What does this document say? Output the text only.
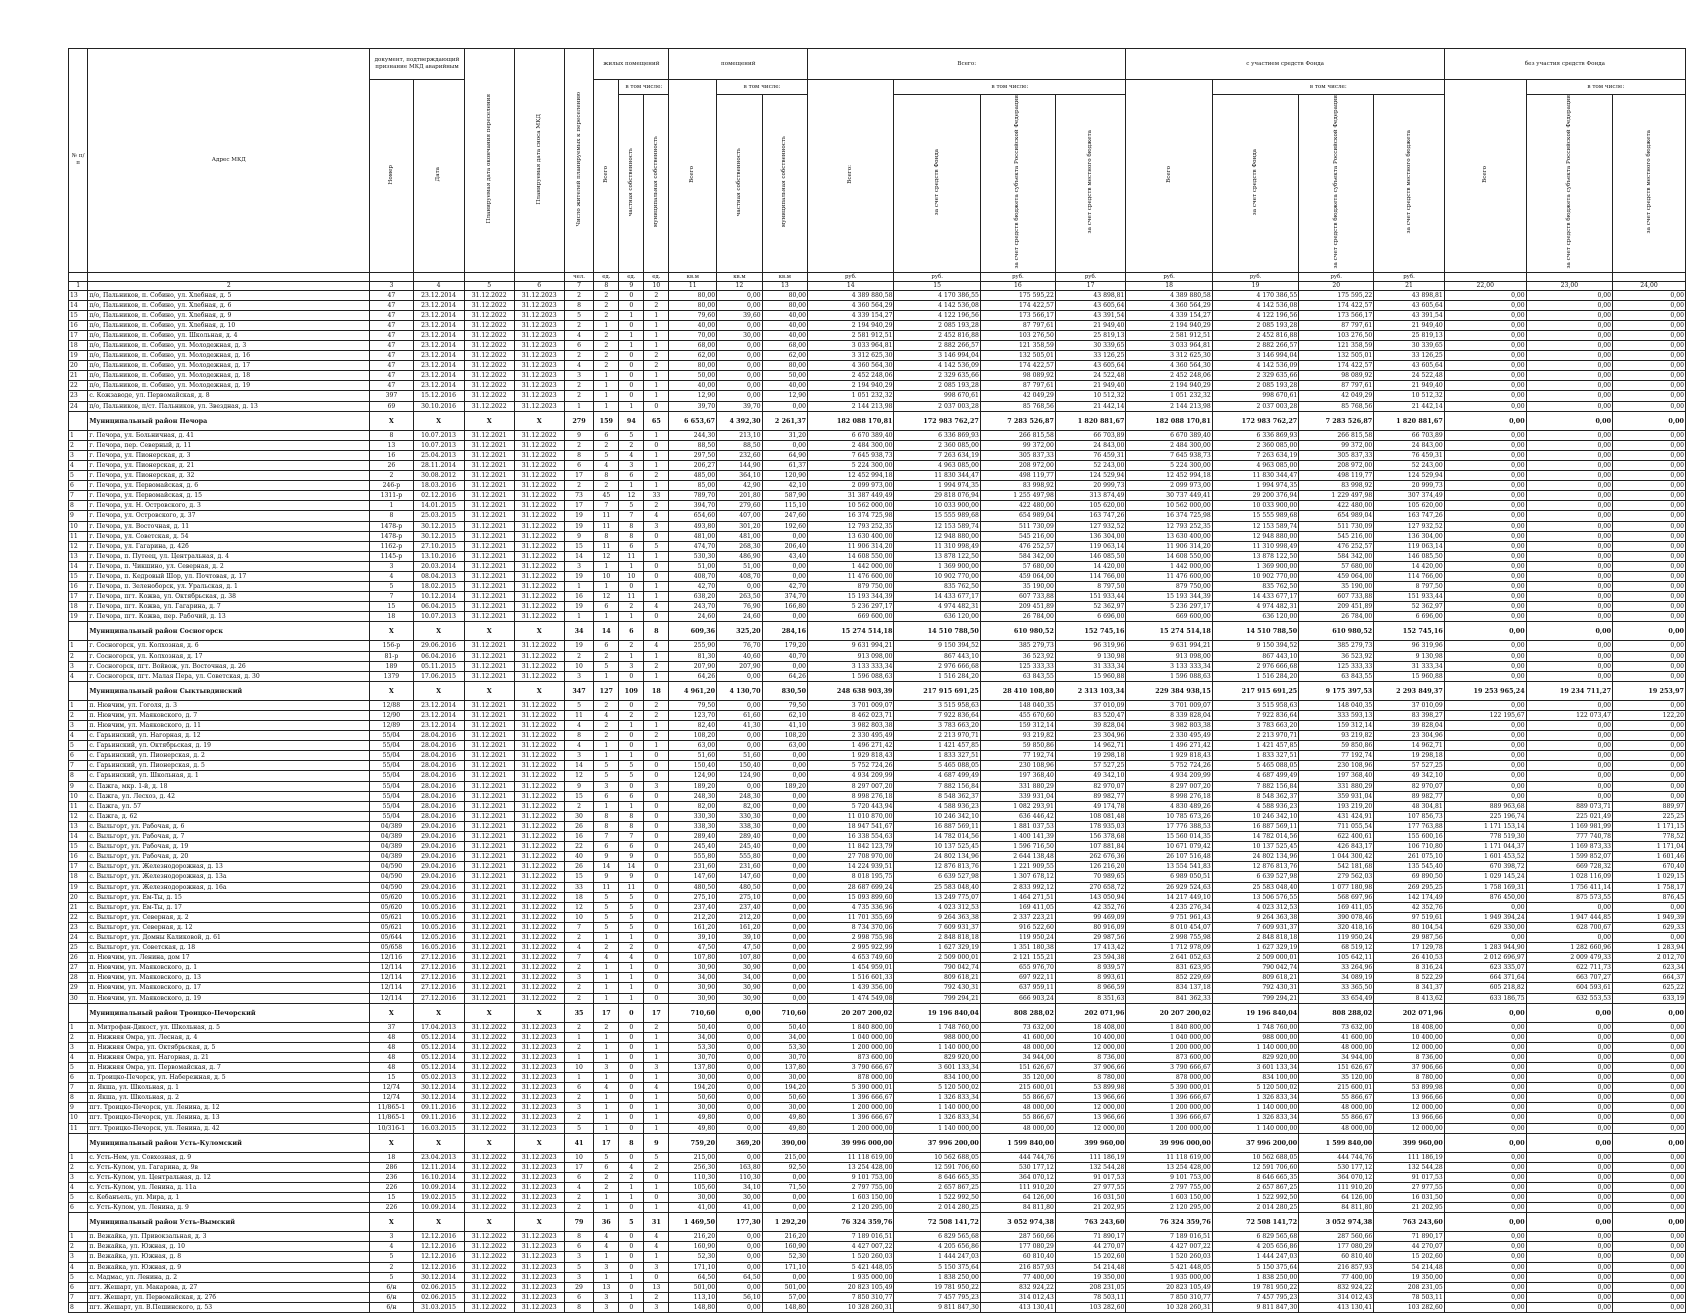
№ п/п	Адрес МКД	документ, подтверждающий признание МКД аварийным		Планируемая дата окончания переселения	Планируемая дата сноса МКД	Число жителей планируемых к переселению	жилых помещений			помещений			Всего:				с участием средств Фонда				без участия средств Фонда		
		Номер	Дата				Всего	в том числе:		Всего	в том числе:		Всего:	в том числе:			Всего	в том числе:			Всего	в том числе:	
								частная собственность	муниципальная собственность		частная собственность	муниципальная собственность		за счет средств Фонда	за счет средств бюджета субъекта Российской Федерации	за счет средств местного бюджета		за счет средств Фонда	за счет средств бюджета субъекта Российской Федерации	за счет средств местного бюджета		за счет средств бюджета субъекта Российской Федерации	за счет средств местного бюджета
						чел.	ед.	ед.	ед.	кв.м	кв.м	кв.м	руб.	руб.	руб.	руб.	руб.	руб.	руб.	руб.			
1	2	3	4	5	6	7	8	9	10	11	12	13	14	15	16	17	18	19	20	21	22,00	23,00	24,00
13	п/о, Пальников, п. Собино, ул. Хлебная, д. 5	47	23.12.2014	31.12.2022	31.12.2023	2	2	0	2	80,00	0,00	80,00	4 389 880,58	4 170 386,55	175 595,22	43 898,81	4 389 880,58	4 170 386,55	175 595,22	43 898,81	0,00	0,00	0,00
14	п/о, Пальников, п. Собино, ул. Хлебная, д. 6	47	23.12.2014	31.12.2022	31.12.2023	8	2	0	2	80,00	0,00	80,00	4 360 564,29	4 142 536,08	174 422,57	43 605,64	4 360 564,29	4 142 536,08	174 422,57	43 605,64	0,00	0,00	0,00
15	п/о, Пальников, п. Собино, ул. Хлебная, д. 9	47	23.12.2014	31.12.2022	31.12.2023	5	2	1	1	79,60	39,60	40,00	4 339 154,27	4 122 196,56	173 566,17	43 391,54	4 339 154,27	4 122 196,56	173 566,17	43 391,54	0,00	0,00	0,00
16	п/о, Пальников, п. Собино, ул. Хлебная, д. 10	47	23.12.2014	31.12.2022	31.12.2023	2	1	0	1	40,00	0,00	40,00	2 194 940,29	2 085 193,28	87 797,61	21 949,40	2 194 940,29	2 085 193,28	87 797,61	21 949,40	0,00	0,00	0,00
17	п/о, Пальников, п. Собино, ул. Школьная, д. 4	47	23.12.2014	31.12.2022	31.12.2023	4	2	1	1	70,00	30,00	40,00	2 581 912,51	2 452 816,88	103 276,50	25 819,13	2 581 912,51	2 452 816,88	103 276,50	25 819,13	0,00	0,00	0,00
18	п/о, Пальников, п. Собино, ул. Молодежная, д. 3	47	23.12.2014	31.12.2022	31.12.2023	6	2	1	1	68,00	0,00	68,00	3 033 964,81	2 882 266,57	121 358,59	30 339,65	3 033 964,81	2 882 266,57	121 358,59	30 339,65	0,00	0,00	0,00
19	п/о, Пальников, п. Собино, ул. Молодежная, д. 16	47	23.12.2014	31.12.2022	31.12.2023	2	2	0	2	62,00	0,00	62,00	3 312 625,30	3 146 994,04	132 505,01	33 126,25	3 312 625,30	3 146 994,04	132 505,01	33 126,25	0,00	0,00	0,00
20	п/о, Пальников, п. Собино, ул. Молодежная, д. 17	47	23.12.2014	31.12.2022	31.12.2023	4	2	0	2	80,00	0,00	80,00	4 360 564,30	4 142 536,09	174 422,57	43 605,64	4 360 564,30	4 142 536,09	174 422,57	43 605,64	0,00	0,00	0,00
21	п/о, Пальников, п. Собино, ул. Молодежная, д. 18	47	23.12.2014	31.12.2022	31.12.2023	3	1	0	1	50,00	0,00	50,00	2 452 248,06	2 329 635,66	98 089,92	24 522,48	2 452 248,06	2 329 635,66	98 089,92	24 522,48	0,00	0,00	0,00
22	п/о, Пальников, п. Собино, ул. Молодежная, д. 19	47	23.12.2014	31.12.2022	31.12.2023	2	1	0	1	40,00	0,00	40,00	2 194 940,29	2 085 193,28	87 797,61	21 949,40	2 194 940,29	2 085 193,28	87 797,61	21 949,40	0,00	0,00	0,00
23	с. Кожзаводе, ул. Первомайская, д. 8	397	15.12.2016	31.12.2022	31.12.2023	2	1	0	1	12,90	0,00	12,90	1 051 232,32	998 670,61	42 049,29	10 512,32	1 051 232,32	998 670,61	42 049,29	10 512,32	0,00	0,00	0,00
24	п/о, Пальников, п/ст. Пальников, ул. Звездная, д. 13	69	30.10.2016	31.12.2022	31.12.2023	1	1	1	0	39,70	39,70	0,00	2 144 213,98	2 037 003,28	85 768,56	21 442,14	2 144 213,98	2 037 003,28	85 768,56	21 442,14	0,00	0,00	0,00
	Муниципальный район Печора	X	X	X	X	279	159	94	65	6 653,67	4 392,30	2 261,37	182 088 170,81	172 983 762,27	7 283 526,87	1 820 881,67	182 088 170,81	172 983 762,27	7 283 526,87	1 820 881,67	0,00	0,00	0,00
1	г. Печора, ул. Больничная, д. 41	8	10.07.2013	31.12.2021	31.12.2022	9	6	5	1	244,30	213,10	31,20	6 670 389,40	6 336 869,93	266 815,58	66 703,89	6 670 389,40	6 336 869,93	266 815,58	66 703,89	0,00	0,00	0,00
2	г. Печора, пер. Северный, д. 11	13	10.07.2013	31.12.2021	31.12.2022	2	2	2	0	88,50	88,50	0,00	2 484 300,00	2 360 085,00	99 372,00	24 843,00	2 484 300,00	2 360 085,00	99 372,00	24 843,00	0,00	0,00	0,00
3	г. Печора, ул. Пионерская, д. 3	16	25.04.2013	31.12.2021	31.12.2022	8	5	4	1	297,50	232,60	64,90	7 645 938,73	7 263 634,19	305 837,33	76 459,31	7 645 938,73	7 263 634,19	305 837,33	76 459,31	0,00	0,00	0,00
4	г. Печора, ул. Пионерская, д. 21	26	28.11.2014	31.12.2021	31.12.2022	6	4	3	1	206,27	144,90	61,37	5 224 300,00	4 963 085,00	208 972,00	52 243,00	5 224 300,00	4 963 085,00	208 972,00	52 243,00	0,00	0,00	0,00
5	г. Печора, ул. Пионерская, д. 32	2	30.08.2012	31.12.2021	31.12.2022	17	8	6	2	485,00	364,10	120,90	12 452 994,18	11 830 344,47	498 119,77	124 529,94	12 452 994,18	11 830 344,47	498 119,77	124 529,94	0,00	0,00	0,00
6	г. Печора, ул. Первомайская, д. 6	246-р	18.03.2016	31.12.2021	31.12.2022	2	2	1	1	85,00	42,90	42,10	2 099 973,00	1 994 974,35	83 998,92	20 999,73	2 099 973,00	1 994 974,35	83 998,92	20 999,73	0,00	0,00	0,00
7	г. Печора, ул. Первомайская, д. 15	1311-р	02.12.2016	31.12.2021	31.12.2022	73	45	12	33	789,70	201,80	587,90	31 387 449,49	29 818 076,94	1 255 497,98	313 874,49	30 737 449,41	29 200 376,94	1 229 497,98	307 374,49	0,00	0,00	0,00
8	г. Печора, ул. Н. Островского, д. 3	1	14.01.2015	31.12.2021	31.12.2022	17	7	5	2	394,70	279,60	115,10	10 562 000,00	10 033 900,00	422 480,00	105 620,00	10 562 000,00	10 033 900,00	422 480,00	105 620,00	0,00	0,00	0,00
9	г. Печора, ул. Островского, д. 37	8	25.03.2015	31.12.2021	31.12.2022	19	11	7	4	654,60	407,00	247,60	16 374 725,98	15 555 989,68	654 989,04	163 747,26	16 374 725,98	15 555 989,68	654 989,04	163 747,26	0,00	0,00	0,00
10	г. Печора, ул. Восточная, д. 11	1478-р	30.12.2015	31.12.2021	31.12.2022	19	11	8	3	493,80	301,20	192,60	12 793 252,35	12 153 589,74	511 730,09	127 932,52	12 793 252,35	12 153 589,74	511 730,09	127 932,52	0,00	0,00	0,00
11	г. Печора, ул. Советская, д. 54	1478-р	30.12.2015	31.12.2021	31.12.2022	9	8	8	0	481,00	481,00	0,00	13 630 400,00	12 948 880,00	545 216,00	136 304,00	13 630 400,00	12 948 880,00	545 216,00	136 304,00	0,00	0,00	0,00
12	г. Печора, ул. Гагарина, д. 42б	1162-р	27.10.2015	31.12.2021	31.12.2022	15	11	6	5	474,70	268,30	206,40	11 906 314,20	11 310 998,49	476 252,57	119 063,14	11 906 314,20	11 310 998,49	476 252,57	119 063,14	0,00	0,00	0,00
13	г. Печора, п. Путеец, ул. Центральная, д. 4	1145-р	13.10.2016	31.12.2021	31.12.2022	14	12	11	1	530,30	486,90	43,40	14 608 550,00	13 878 122,50	584 342,00	146 085,50	14 608 550,00	13 878 122,50	584 342,00	146 085,50	0,00	0,00	0,00
14	г. Печора, п. Чикшино, ул. Северная, д. 2	3	20.03.2014	31.12.2021	31.12.2022	3	1	1	0	51,00	51,00	0,00	1 442 000,00	1 369 900,00	57 680,00	14 420,00	1 442 000,00	1 369 900,00	57 680,00	14 420,00	0,00	0,00	0,00
15	г. Печора, п. Кедровый Шор, ул. Почтовая, д. 17	4	08.04.2013	31.12.2021	31.12.2022	19	10	10	0	408,70	408,70	0,00	11 476 600,00	10 902 770,00	459 064,00	114 766,00	11 476 600,00	10 902 770,00	459 064,00	114 766,00	0,00	0,00	0,00
16	г. Печора, п. Зеленоборск, ул. Уральская, д. 1	5	18.02.2015	31.12.2021	31.12.2022	1	1	0	1	42,70	0,00	42,70	879 750,00	835 762,50	35 190,00	8 797,50	879 750,00	835 762,50	35 190,00	8 797,50	0,00	0,00	0,00
17	г. Печора, пгт. Кожва, ул. Октябрьская, д. 38	7	10.12.2014	31.12.2021	31.12.2022	16	12	11	1	638,20	263,50	374,70	15 193 344,39	14 433 677,17	607 733,88	151 933,44	15 193 344,39	14 433 677,17	607 733,88	151 933,44	0,00	0,00	0,00
18	г. Печора, пгт. Кожва, ул. Гагарина, д. 7	15	06.04.2015	31.12.2021	31.12.2022	19	6	2	4	243,70	76,90	166,80	5 236 297,17	4 974 482,31	209 451,89	52 362,97	5 236 297,17	4 974 482,31	209 451,89	52 362,97	0,00	0,00	0,00
19	г. Печора, пгт. Кожва, пер. Рабочий, д. 13	18	10.07.2013	31.12.2021	31.12.2022	1	1	1	0	24,60	24,60	0,00	669 600,00	636 120,00	26 784,00	6 696,00	669 600,00	636 120,00	26 784,00	6 696,00	0,00	0,00	0,00
	Муниципальный район Сосногорск	X	X	X	X	34	14	6	8	609,36	325,20	284,16	15 274 514,18	14 510 788,50	610 980,52	152 745,16	15 274 514,18	14 510 788,50	610 980,52	152 745,16	0,00	0,00	0,00
1	г. Сосногорск, ул. Колхозная, д. 6	156-р	29.06.2016	31.12.2021	31.12.2022	19	6	2	4	255,90	76,70	179,20	9 631 994,21	9 150 394,52	385 279,73	96 319,96	9 631 994,21	9 150 394,52	385 279,73	96 319,96	0,00	0,00	0,00
2	г. Сосногорск, ул. Колхозная, д. 17	81-р	06.04.2016	31.12.2021	31.12.2022	2	2	1	1	81,30	40,60	40,70	913 098,00	867 443,10	36 523,92	9 130,98	913 098,00	867 443,10	36 523,92	9 130,98	0,00	0,00	0,00
3	г. Сосногорск, пгт. Войвож, ул. Восточная, д. 26	189	05.11.2015	31.12.2021	31.12.2022	10	5	3	2	207,90	207,90	0,00	3 133 333,34	2 976 666,68	125 333,33	31 333,34	3 133 333,34	2 976 666,68	125 333,33	31 333,34	0,00	0,00	0,00
4	г. Сосногорск, пгт. Малая Пера, ул. Советская, д. 30	1379	17.06.2015	31.12.2021	31.12.2022	3	1	0	1	64,26	0,00	64,26	1 596 088,63	1 516 284,20	63 843,55	15 960,88	1 596 088,63	1 516 284,20	63 843,55	15 960,88	0,00	0,00	0,00
	Муниципальный район Сыктывдинский	X	X	X	X	347	127	109	18	4 961,20	4 130,70	830,50	248 638 903,39	217 915 691,25	28 410 108,80	2 313 103,34	229 384 938,15	217 915 691,25	9 175 397,53	2 293 849,37	19 253 965,24	19 234 711,27	19 253,97
1	п. Нювчим, ул. Гоголя, д. 3	12/88	23.12.2014	31.12.2021	31.12.2022	5	2	0	2	79,50	0,00	79,50	3 701 009,07	3 515 958,63	148 040,35	37 010,09	3 701 009,07	3 515 958,63	148 040,35	37 010,09	0,00	0,00	0,00
2	п. Нювчим, ул. Маяковского, д. 7	12/90	23.12.2014	31.12.2021	31.12.2022	11	4	2	2	123,70	61,60	62,10	8 462 023,71	7 922 836,64	455 670,60	83 520,47	8 339 828,04	7 922 836,64	333 593,13	83 398,27	122 195,67	122 073,47	122,20
3	п. Нювчим, ул. Маяковского, д. 11	12/89	23.12.2014	31.12.2021	31.12.2022	4	2	1	1	82,40	41,30	41,10	3 982 803,38	3 783 663,20	159 312,14	39 828,04	3 982 803,38	3 783 663,20	159 312,14	39 828,04	0,00	0,00	0,00
4	с. Гарьинский, ул. Нагорная, д. 12	55/04	28.04.2016	31.12.2021	31.12.2022	8	2	0	2	108,20	0,00	108,20	2 330 495,49	2 213 970,71	93 219,82	23 304,96	2 330 495,49	2 213 970,71	93 219,82	23 304,96	0,00	0,00	0,00
5	с. Гарьинский, ул. Октябрьская, д. 19	55/04	28.04.2016	31.12.2021	31.12.2022	4	1	0	1	63,00	0,00	63,00	1 496 271,42	1 421 457,85	59 850,86	14 962,71	1 496 271,42	1 421 457,85	59 850,86	14 962,71	0,00	0,00	0,00
6	с. Гарьинский, ул. Пионерская, д. 2	55/04	28.04.2016	31.12.2021	31.12.2022	3	1	1	0	51,60	51,60	0,00	1 929 818,43	1 833 327,51	77 192,74	19 298,18	1 929 818,43	1 833 327,51	77 192,74	19 298,18	0,00	0,00	0,00
7	с. Гарьинский, ул. Пионерская, д. 5	55/04	28.04.2016	31.12.2021	31.12.2022	14	5	5	0	150,40	150,40	0,00	5 752 724,26	5 465 088,05	230 108,96	57 527,25	5 752 724,26	5 465 088,05	230 108,96	57 527,25	0,00	0,00	0,00
8	с. Гарьинский, ул. Школьная, д. 1	55/04	28.04.2016	31.12.2021	31.12.2022	12	5	5	0	124,90	124,90	0,00	4 934 209,99	4 687 499,49	197 368,40	49 342,10	4 934 209,99	4 687 499,49	197 368,40	49 342,10	0,00	0,00	0,00
9	с. Пажга, мкр. 1-й, д. 18	55/04	28.04.2016	31.12.2021	31.12.2022	9	3	0	3	189,20	0,00	189,20	8 297 007,20	7 882 156,84	331 880,29	82 970,07	8 297 007,20	7 882 156,84	331 880,29	82 970,07	0,00	0,00	0,00
10	с. Пажга, ул. Лесхоз, д. 42	55/04	28.04.2016	31.12.2021	31.12.2022	15	6	6	0	248,30	248,30	0,00	8 998 276,18	8 548 362,37	339 931,04	89 982,77	8 998 276,18	8 548 362,37	359 931,04	89 982,77	0,00	0,00	0,00
11	с. Пажга, ул. 57	55/04	28.04.2016	31.12.2021	31.12.2022	2	1	1	0	82,00	82,00	0,00	5 720 443,94	4 588 936,23	1 082 293,91	49 174,78	4 830 489,26	4 588 936,23	193 219,20	48 304,81	889 963,68	889 073,71	889,97
12	с. Пажга, д. 62	55/04	28.04.2016	31.12.2021	31.12.2022	30	8	8	0	330,30	330,30	0,00	11 010 870,00	10 246 342,10	636 446,42	108 081,48	10 785 673,26	10 246 342,10	431 424,91	107 856,73	225 196,74	225 021,49	225,25
13	с. Выльгорт, ул. Рабочая, д. 6	04/389	29.04.2016	31.12.2021	31.12.2022	26	8	8	0	338,30	338,30	0,00	18 947 541,67	16 887 569,11	1 881 037,53	178 935,03	17 776 388,53	16 887 569,11	711 055,54	177 763,88	1 171 153,14	1 169 981,99	1 171,15
14	с. Выльгорт, ул. Рабочая, д. 7	04/389	29.04.2016	31.12.2021	31.12.2022	16	7	7	0	289,40	289,40	0,00	16 338 554,63	14 782 014,56	1 400 141,39	156 378,68	15 560 014,35	14 782 014,56	622 400,61	155 600,16	778 519,30	777 740,78	778,52
15	с. Выльгорт, ул. Рабочая, д. 19	04/389	29.04.2016	31.12.2021	31.12.2022	22	6	6	0	245,40	245,40	0,00	11 842 123,79	10 137 525,45	1 596 716,50	107 881,84	10 671 079,42	10 137 525,45	426 843,17	106 710,80	1 171 044,37	1 169 873,33	1 171,04
16	с. Выльгорт, ул. Рабочая, д. 20	04/389	29.04.2016	31.12.2021	31.12.2022	40	9	9	0	555,80	555,80	0,00	27 708 970,00	24 802 134,96	2 644 138,48	262 676,36	26 107 516,48	24 802 134,96	1 044 300,42	261 075,10	1 601 453,52	1 599 852,07	1 601,46
17	с. Выльгорт, ул. Железнодорожная, д. 13	04/590	29.04.2016	31.12.2021	31.12.2022	26	14	14	0	231,60	231,60	0,00	14 224 939,51	12 876 813,76	1 221 909,55	126 216,20	13 554 541,83	12 876 813,76	542 181,68	135 545,40	670 398,72	669 728,32	670,40
18	с. Выльгорт, ул. Железнодорожная, д. 13а	04/590	29.04.2016	31.12.2021	31.12.2022	15	9	9	0	147,60	147,60	0,00	8 018 195,75	6 639 527,98	1 307 678,12	70 989,65	6 989 050,51	6 639 527,98	279 562,03	69 890,50	1 029 145,24	1 028 116,09	1 029,15
19	с. Выльгорт, ул. Железнодорожная, д. 16а	04/590	29.04.2016	31.12.2021	31.12.2022	33	11	11	0	480,50	480,50	0,00	28 687 699,24	25 583 048,40	2 833 992,12	270 658,72	26 929 524,63	25 583 048,40	1 077 180,98	269 295,25	1 758 169,31	1 756 411,14	1 758,17
20	с. Выльгорт, ул. Ем-Ты, д. 15	05/620	10.05.2016	31.12.2021	31.12.2022	18	5	5	0	275,10	275,10	0,00	15 093 899,60	13 249 775,07	1 464 271,51	143 050,94	14 217 449,10	13 506 576,55	568 697,96	142 174,49	876 450,00	875 573,55	876,45
21	с. Выльгорт, ул. Ем-Ты, д. 17	05/620	10.05.2016	31.12.2021	31.12.2022	12	5	5	0	237,40	237,40	0,00	4 735 336,96	4 023 312,53	169 411,05	42 352,76	4 235 276,34	4 023 312,53	169 411,05	42 352,76	0,00	0,00	0,00
22	с. Выльгорт, ул. Северная, д. 2	05/621	10.05.2016	31.12.2021	31.12.2022	10	5	5	0	212,20	212,20	0,00	11 701 355,69	9 264 363,38	2 337 223,21	99 469,09	9 751 961,43	9 264 363,38	390 078,46	97 519,61	1 949 394,24	1 947 444,85	1 949,39
23	с. Выльгорт, ул. Северная, д. 12	05/621	10.05.2016	31.12.2021	31.12.2022	7	5	5	0	161,20	161,20	0,00	8 734 370,06	7 609 931,37	916 522,60	80 916,09	8 010 454,07	7 609 931,37	320 418,16	80 104,54	629 330,00	628 700,67	629,33
24	с. Выльгорт, ул. Домны Каликовой, д. 61	05/644	12.05.2016	31.12.2021	31.12.2022	2	1	1	0	39,10	39,10	0,00	2 998 755,98	2 848 818,18	119 950,24	29 987,56	2 998 755,98	2 848 818,18	119 950,24	29 987,56	0,00	0,00	0,00
25	с. Выльгорт, ул. Советская, д. 18	05/658	16.05.2016	31.12.2021	31.12.2022	4	2	2	0	47,50	47,50	0,00	2 995 922,99	1 627 329,19	1 351 180,38	17 413,42	1 712 978,09	1 627 329,19	68 519,12	17 129,78	1 283 944,90	1 282 660,96	1 283,94
26	п. Нювчим, ул. Ленина, дом 17	12/116	27.12.2016	31.12.2021	31.12.2022	7	4	4	0	107,80	107,80	0,00	4 653 749,60	2 509 000,01	2 121 155,21	23 594,38	2 641 052,63	2 509 000,01	105 642,11	26 410,53	2 012 696,97	2 009 479,33	2 012,70
27	п. Нювчим, ул. Маяковского, д. 1	12/114	27.12.2016	31.12.2021	31.12.2022	2	1	1	0	30,90	30,90	0,00	1 454 959,01	790 042,74	655 976,70	8 939,57	831 623,95	790 042,74	33 264,96	8 316,24	623 335,07	622 711,73	623,34
28	п. Нювчим, ул. Маяковского, д. 13	12/114	27.12.2016	31.12.2021	31.12.2022	3	1	1	0	34,00	34,00	0,00	1 516 601,33	809 618,21	697 922,11	8 993,61	852 229,69	809 618,21	34 089,19	8 522,29	664 371,64	663 707,27	664,37
29	п. Нювчим, ул. Маяковского, д. 17	12/114	27.12.2016	31.12.2021	31.12.2022	2	1	1	0	30,90	30,90	0,00	1 439 356,00	792 430,31	637 959,11	8 966,59	834 137,18	792 430,31	33 365,50	8 341,37	605 218,82	604 593,61	625,22
30	п. Нювчим, ул. Маяковского, д. 19	12/114	27.12.2016	31.12.2021	31.12.2022	2	1	1	0	30,90	30,90	0,00	1 474 549,08	799 294,21	666 903,24	8 351,63	841 362,33	799 294,21	33 654,49	8 413,62	633 186,75	632 553,53	633,19
	Муниципальный район Троицко-Печорский	X	X	X	X	35	17	0	17	710,60	0,00	710,60	20 207 200,02	19 196 840,04	808 288,02	202 071,96	20 207 200,02	19 196 840,04	808 288,02	202 071,96	0,00	0,00	0,00
1	п. Митрофан-Дикост, ул. Школьная, д. 5	37	17.04.2013	31.12.2022	31.12.2023	2	2	0	2	50,40	0,00	50,40	1 840 800,00	1 748 760,00	73 632,00	18 408,00	1 840 800,00	1 748 760,00	73 632,00	18 408,00	0,00	0,00	0,00
2	п. Нижняя Омра, ул. Лесная, д. 4	48	05.12.2014	31.12.2022	31.12.2023	1	1	0	1	34,00	0,00	34,00	1 040 000,00	988 000,00	41 600,00	10 400,00	1 040 000,00	988 000,00	41 600,00	10 400,00	0,00	0,00	0,00
3	п. Нижняя Омра, ул. Октябрьская, д. 5	48	05.12.2014	31.12.2022	31.12.2023	2	1	0	1	53,30	0,00	53,30	1 200 000,00	1 140 000,00	48 000,00	12 000,00	1 200 000,00	1 140 000,00	48 000,00	12 000,00	0,00	0,00	0,00
4	п. Нижняя Омра, ул. Нагорная, д. 21	48	05.12.2014	31.12.2022	31.12.2023	1	1	0	1	30,70	0,00	30,70	873 600,00	829 920,00	34 944,00	8 736,00	873 600,00	829 920,00	34 944,00	8 736,00	0,00	0,00	0,00
5	п. Нижняя Омра, ул. Первомайская, д. 7	48	05.12.2014	31.12.2022	31.12.2023	10	3	0	3	137,80	0,00	137,80	3 790 666,67	3 601 133,34	151 626,67	37 906,66	3 790 666,67	3 601 133,34	151 626,67	37 906,66	0,00	0,00	0,00
6	п. Троицко-Печорск, ул. Набережная, д. 5	15	05.02.2013	31.12.2022	31.12.2023	1	1	0	1	30,00	0,00	30,00	878 000,00	834 100,00	35 120,00	8 780,00	878 000,00	834 100,00	35 120,00	8 780,00	0,00	0,00	0,00
7	п. Якша, ул. Школьная, д. 1	12/74	30.12.2014	31.12.2022	31.12.2023	6	4	0	4	194,20	0,00	194,20	5 390 000,01	5 120 500,02	215 600,01	53 899,98	5 390 000,01	5 120 500,02	215 600,01	53 899,98	0,00	0,00	0,00
8	п. Якша, ул. Школьная, д. 2	12/74	30.12.2014	31.12.2022	31.12.2023	2	1	0	1	50,60	0,00	50,60	1 396 666,67	1 326 833,34	55 866,67	13 966,66	1 396 666,67	1 326 833,34	55 866,67	13 966,66	0,00	0,00	0,00
9	пгт. Троицко-Печорск, ул. Ленина, д. 12	11/865-1	09.11.2016	31.12.2022	31.12.2023	3	1	0	1	30,00	0,00	30,00	1 200 000,00	1 140 000,00	48 000,00	12 000,00	1 200 000,00	1 140 000,00	48 000,00	12 000,00	0,00	0,00	0,00
10	пгт. Троицко-Печорск, ул. Ленина, д. 13	11/865-1	09.11.2016	31.12.2022	31.12.2023	2	1	0	1	49,80	0,00	49,80	1 396 666,67	1 326 833,34	55 866,67	13 966,66	1 396 666,67	1 326 833,34	55 866,67	13 966,66	0,00	0,00	0,00
11	пгт. Троицко-Печорск, ул. Ленина, д. 42	10/316-1	16.03.2015	31.12.2022	31.12.2023	5	1	0	1	49,80	0,00	49,80	1 200 000,00	1 140 000,00	48 000,00	12 000,00	1 200 000,00	1 140 000,00	48 000,00	12 000,00	0,00	0,00	0,00
	Муниципальный район Усть-Куломский	X	X	X	X	41	17	8	9	759,20	369,20	390,00	39 996 000,00	37 996 200,00	1 599 840,00	399 960,00	39 996 000,00	37 996 200,00	1 599 840,00	399 960,00	0,00	0,00	0,00
1	с. Усть-Нем, ул. Совхозная, д. 9	18	23.04.2013	31.12.2022	31.12.2023	10	5	0	5	215,00	0,00	215,00	11 118 619,00	10 562 688,05	444 744,76	111 186,19	11 118 619,00	10 562 688,05	444 744,76	111 186,19	0,00	0,00	0,00
2	с. Усть-Кулом, ул. Гагарина, д. 9в	286	12.11.2014	31.12.2022	31.12.2023	17	6	4	2	256,30	163,80	92,50	13 254 428,00	12 591 706,60	530 177,12	132 544,28	13 254 428,00	12 591 706,60	530 177,12	132 544,28	0,00	0,00	0,00
3	с. Усть-Кулом, ул. Центральная, д. 12	236	16.10.2014	31.12.2022	31.12.2023	6	2	2	0	110,30	110,30	0,00	9 101 753,00	8 646 665,35	364 070,12	91 017,53	9 101 753,00	8 646 665,35	364 070,12	91 017,53	0,00	0,00	0,00
4	с. Усть-Кулом, ул. Ленина, д. 11а	226	10.09.2014	31.12.2022	31.12.2023	4	2	1	1	105,60	34,10	71,50	2 797 755,00	2 657 867,25	111 910,20	27 977,55	2 797 755,00	2 657 867,25	111 910,20	27 977,55	0,00	0,00	0,00
5	с. Кебанъель, ул. Мира, д. 1	15	19.02.2015	31.12.2022	31.12.2023	2	1	1	0	30,00	30,00	0,00	1 603 150,00	1 522 992,50	64 126,00	16 031,50	1 603 150,00	1 522 992,50	64 126,00	16 031,50	0,00	0,00	0,00
6	с. Усть-Кулом, ул. Ленина, д. 9	226	10.09.2014	31.12.2022	31.12.2023	2	1	0	1	41,00	41,00	0,00	2 120 295,00	2 014 280,25	84 811,80	21 202,95	2 120 295,00	2 014 280,25	84 811,80	21 202,95	0,00	0,00	0,00
	Муниципальный район Усть-Вымский	X	X	X	X	79	36	5	31	1 469,50	177,30	1 292,20	76 324 359,76	72 508 141,72	3 052 974,38	763 243,60	76 324 359,76	72 508 141,72	3 052 974,38	763 243,60	0,00	0,00	0,00
1	п. Вежайка, ул. Привокзальная, д. 3	3	12.12.2016	31.12.2022	31.12.2023	8	4	0	4	216,20	0,00	216,20	7 189 016,51	6 829 565,68	287 560,66	71 890,17	7 189 016,51	6 829 565,68	287 560,66	71 890,17	0,00	0,00	0,00
2	п. Вежайка, ул. Южная, д. 10	4	12.12.2016	31.12.2022	31.12.2023	6	4	0	4	160,90	0,00	160,90	4 427 007,22	4 205 656,86	177 080,29	44 270,07	4 427 007,22	4 205 656,86	177 080,29	44 270,07	0,00	0,00	0,00
3	п. Вежайка, ул. Южная, д. 8	5	12.12.2016	31.12.2022	31.12.2023	3	1	0	1	52,30	0,00	52,30	1 520 260,03	1 444 247,03	60 810,40	15 202,60	1 520 260,03	1 444 247,03	60 810,40	15 202,60	0,00	0,00	0,00
4	п. Вежайка, ул. Южная, д. 9	2	12.12.2016	31.12.2022	31.12.2023	5	3	0	3	171,10	0,00	171,10	5 421 448,05	5 150 375,64	216 857,93	54 214,48	5 421 448,05	5 150 375,64	216 857,93	54 214,48	0,00	0,00	0,00
5	с. Мадмас, ул. Ленина, д. 2	5	30.12.2014	31.12.2022	31.12.2023	3	1	1	0	64,50	64,50	0,00	1 935 000,00	1 838 250,00	77 400,00	19 350,00	1 935 000,00	1 838 250,00	77 400,00	19 350,00	0,00	0,00	0,00
6	пгт. Жешарт, ул. Макарова, д. 27	6/н	02.06.2015	31.12.2022	31.12.2023	29	13	0	13	501,00	0,00	501,00	20 823 105,49	19 781 950,22	832 924,22	208 231,05	20 823 105,49	19 781 950,22	832 924,22	208 231,05	0,00	0,00	0,00
7	пгт. Жешарт, ул. Первомайская, д. 27б	6/н	02.06.2015	31.12.2022	31.12.2023	6	3	1	2	113,10	56,10	57,00	7 850 310,77	7 457 795,23	314 012,43	78 503,11	7 850 310,77	7 457 795,23	314 012,43	78 503,11	0,00	0,00	0,00
8	пгт. Жешарт, ул. В.Пешинского, д. 53	6/н	31.03.2015	31.12.2022	31.12.2023	8	3	0	3	148,80	0,00	148,80	10 328 260,31	9 811 847,30	413 130,41	103 282,60	10 328 260,31	9 811 847,30	413 130,41	103 282,60	0,00	0,00	0,00
